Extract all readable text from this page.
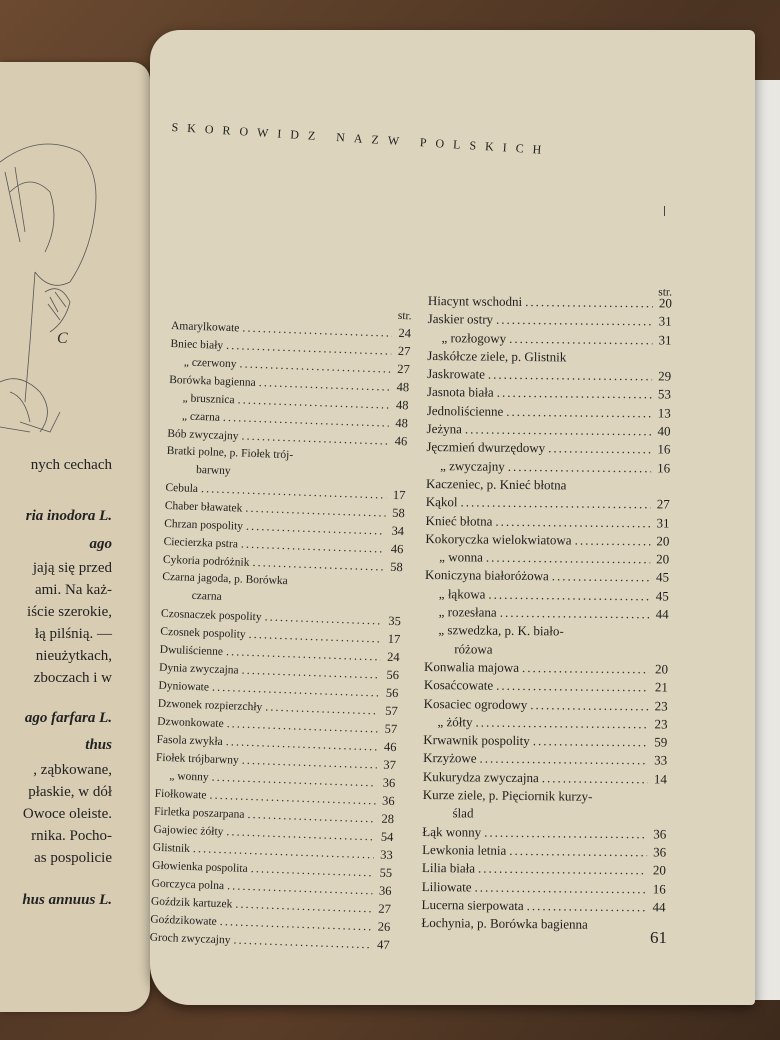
C
nych cechach
ria inodora L.
ago
jają się przed
ami. Na każ-
iście szerokie,
łą pilśnią. —
nieużytkach,
zboczach i w
ago farfara L.
thus
, ząbkowane,
płaskie, w dół
Owoce oleiste.
rnika. Pocho-
as pospolicie
hus annuus L.
SKOROWIDZ NAZW POLSKICH
str.
Amarylkowate .....	24
Bniec biały .....	27
„ czerwony .....	27
Borówka bagienna .....	48
„ brusznica .....	48
„ czarna .....	48
Bób zwyczajny .....	46
Bratki polne, p. Fiołek trój-
barwny
Cebula .....	17
Chaber bławatek .....	58
Chrzan pospolity .....	34
Ciecierzka pstra .....	46
Cykoria podróżnik .....	58
Czarna jagoda, p. Borówka
czarna
Czosnaczek pospolity .....	35
Czosnek pospolity .....	17
Dwuliścienne .....	24
Dynia zwyczajna .....	56
Dyniowate .....	56
Dzwonek rozpierzchły .....	57
Dzwonkowate .....	57
Fasola zwykła .....	46
Fiołek trójbarwny .....	37
„ wonny .....	36
Fiołkowate .....	36
Firletka poszarpana .....	28
Gajowiec żółty .....	54
Glistnik .....	33
Głowienka pospolita .....	55
Gorczyca polna .....	36
Goździk kartuzek .....	27
Goździkowate .....	26
Groch zwyczajny .....	47
str.
Hiacynt wschodni .....	20
Jaskier ostry .....	31
„ rozłogowy .....	31
Jaskółcze ziele, p. Glistnik
Jaskrowate .....	29
Jasnota biała .....	53
Jednoliścienne .....	13
Jeżyna .....	40
Jęczmień dwurzędowy .....	16
„ zwyczajny .....	16
Kaczeniec, p. Knieć błotna
Kąkol .....	27
Knieć błotna .....	31
Kokoryczka wielokwiatowa .....	20
„ wonna .....	20
Koniczyna białoróżowa .....	45
„ łąkowa .....	45
„ rozesłana .....	44
„ szwedzka, p. K. biało-
różowa
Konwalia majowa .....	20
Kosaćcowate .....	21
Kosaciec ogrodowy .....	23
„ żółty .....	23
Krwawnik pospolity .....	59
Krzyżowe .....	33
Kukurydza zwyczajna .....	14
Kurze ziele, p. Pięciornik kurzy-
ślad
Łąk wonny .....	36
Lewkonia letnia .....	36
Lilia biała .....	20
Liliowate .....	16
Lucerna sierpowata .....	44
Łochynia, p. Borówka bagienna
61
